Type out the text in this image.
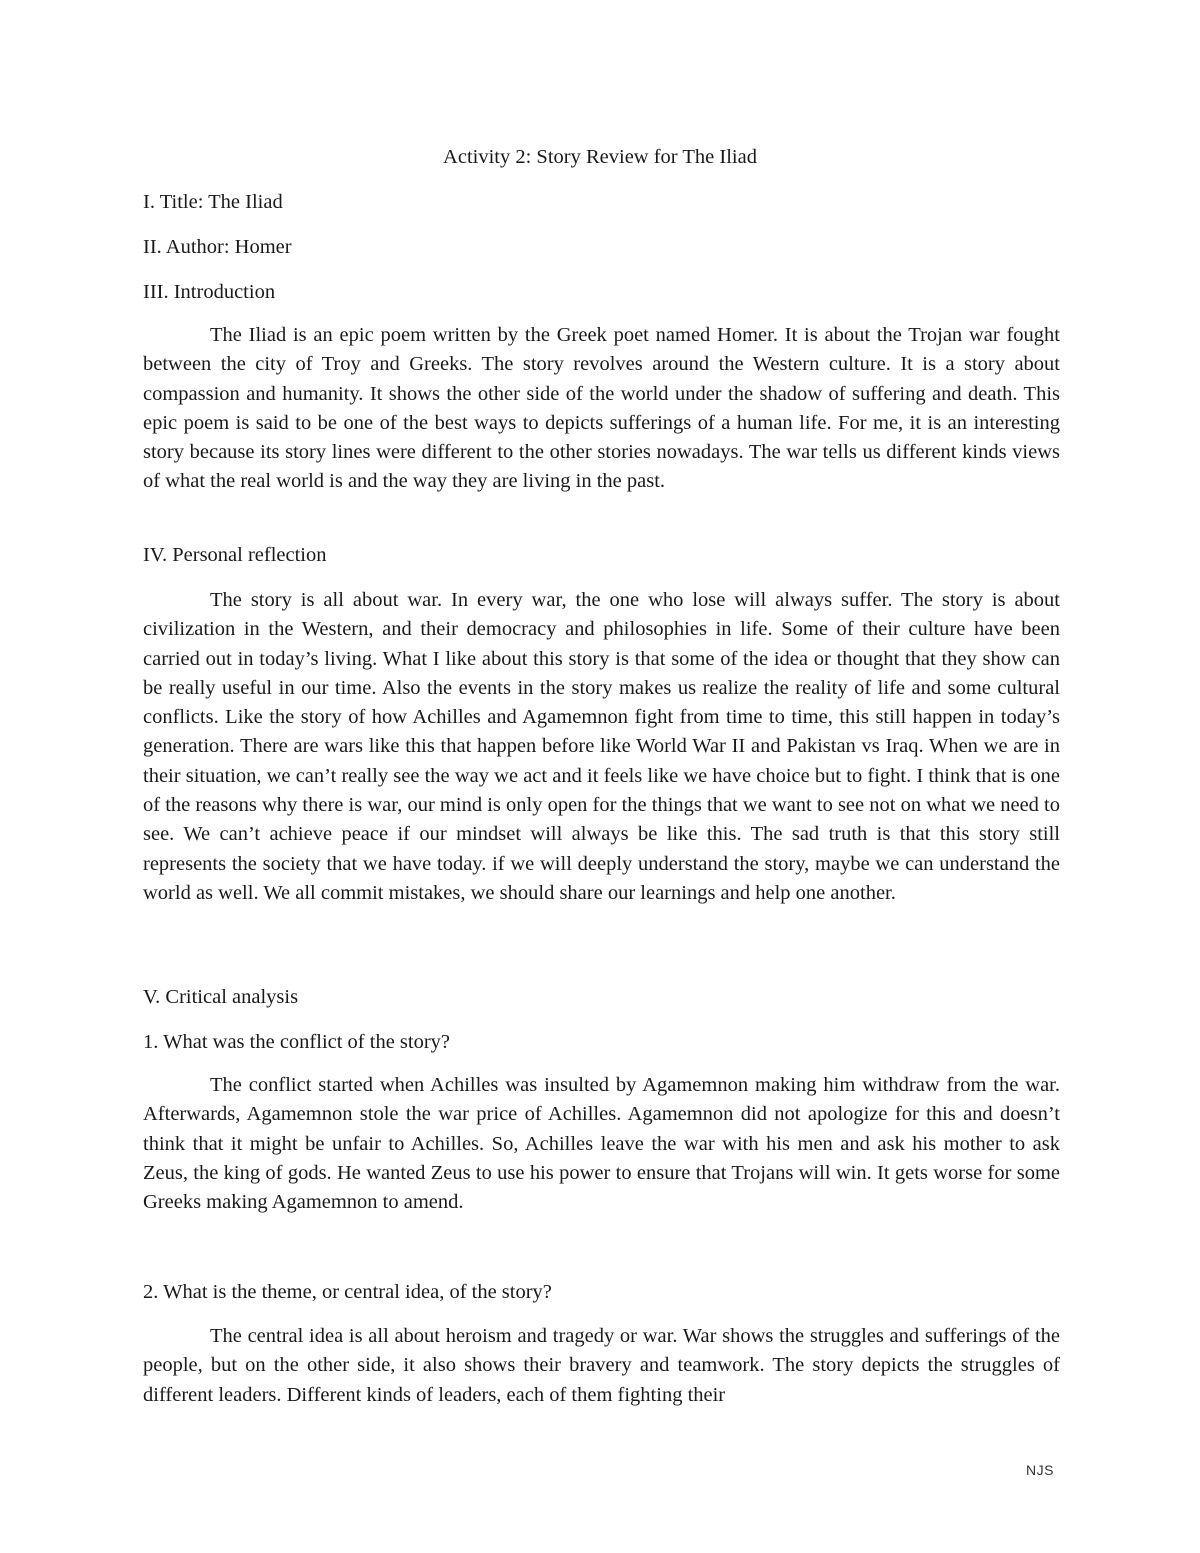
Activity 2: Story Review for The Iliad

I. Title: The Iliad

II. Author: Homer

III. Introduction

The Iliad is an epic poem written by the Greek poet named Homer. It is about the Trojan war fought between the city of Troy and Greeks. The story revolves around the Western culture. It is a story about compassion and humanity. It shows the other side of the world under the shadow of suffering and death. This epic poem is said to be one of the best ways to depicts sufferings of a human life. For me, it is an interesting story because its story lines were different to the other stories nowadays. The war tells us different kinds views of what the real world is and the way they are living in the past.

IV. Personal reflection

The story is all about war. In every war, the one who lose will always suffer. The story is about civilization in the Western, and their democracy and philosophies in life. Some of their culture have been carried out in today’s living. What I like about this story is that some of the idea or thought that they show can be really useful in our time. Also the events in the story makes us realize the reality of life and some cultural conflicts. Like the story of how Achilles and Agamemnon fight from time to time, this still happen in today’s generation. There are wars like this that happen before like World War II and Pakistan vs Iraq. When we are in their situation, we can’t really see the way we act and it feels like we have choice but to fight. I think that is one of the reasons why there is war, our mind is only open for the things that we want to see not on what we need to see. We can’t achieve peace if our mindset will always be like this. The sad truth is that this story still represents the society that we have today. if we will deeply understand the story, maybe we can understand the world as well. We all commit mistakes, we should share our learnings and help one another.

V. Critical analysis

1. What was the conflict of the story?

The conflict started when Achilles was insulted by Agamemnon making him withdraw from the war. Afterwards, Agamemnon stole the war price of Achilles. Agamemnon did not apologize for this and doesn’t think that it might be unfair to Achilles. So, Achilles leave the war with his men and ask his mother to ask Zeus, the king of gods. He wanted Zeus to use his power to ensure that Trojans will win. It gets worse for some Greeks making Agamemnon to amend.

2. What is the theme, or central idea, of the story?

The central idea is all about heroism and tragedy or war. War shows the struggles and sufferings of the people, but on the other side, it also shows their bravery and teamwork. The story depicts the struggles of different leaders. Different kinds of leaders, each of them fighting their

NJS
